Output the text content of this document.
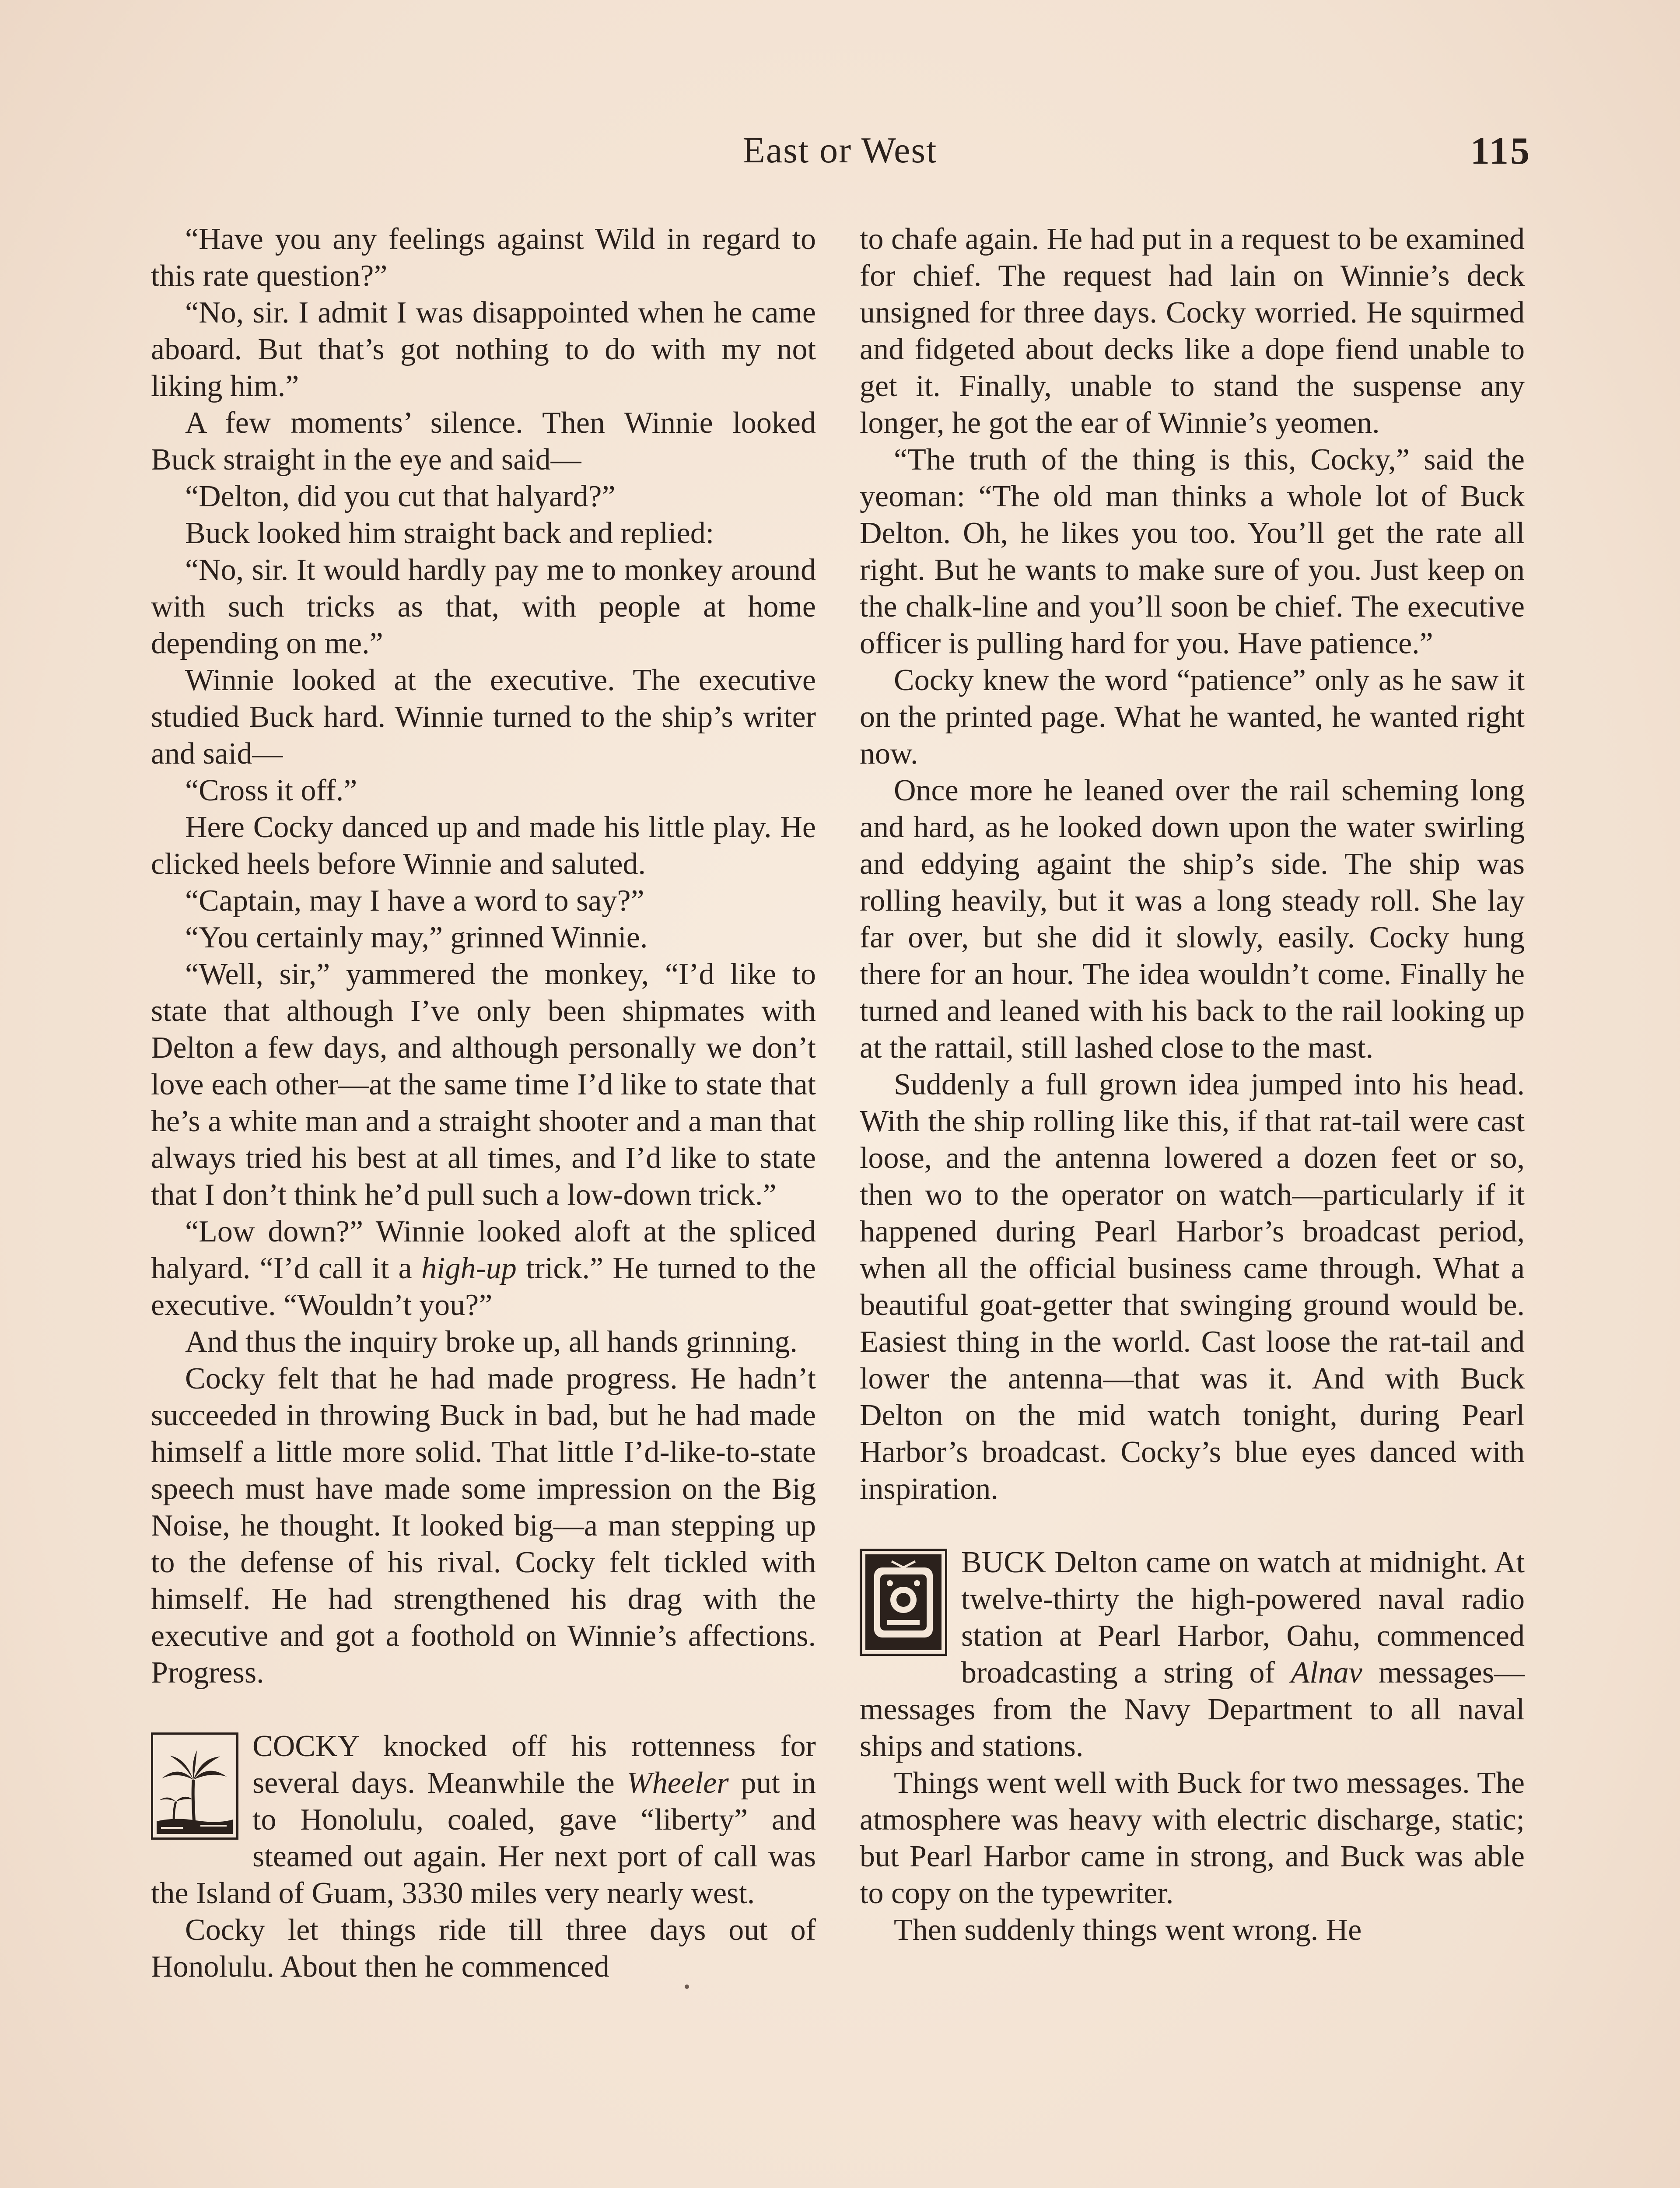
East or West	115

“Have you any feelings against Wild in regard to this rate question?”

“No, sir. I admit I was disappointed when he came aboard. But that’s got nothing to do with my not liking him.”

A few moments’ silence. Then Winnie looked Buck straight in the eye and said—

“Delton, did you cut that halyard?”

Buck looked him straight back and replied:

“No, sir. It would hardly pay me to monkey around with such tricks as that, with people at home depending on me.”

Winnie looked at the executive. The executive studied Buck hard. Winnie turned to the ship’s writer and said—

“Cross it off.”

Here Cocky danced up and made his little play. He clicked heels before Winnie and saluted.

“Captain, may I have a word to say?”

“You certainly may,” grinned Winnie.

“Well, sir,” yammered the monkey, “I’d like to state that although I’ve only been shipmates with Delton a few days, and although personally we don’t love each other—at the same time I’d like to state that he’s a white man and a straight shooter and a man that always tried his best at all times, and I’d like to state that I don’t think he’d pull such a low-down trick.”

“Low down?” Winnie looked aloft at the spliced halyard. “I’d call it a high-up trick.” He turned to the executive. “Wouldn’t you?”

And thus the inquiry broke up, all hands grinning.

Cocky felt that he had made progress. He hadn’t succeeded in throwing Buck in bad, but he had made himself a little more solid. That little I’d-like-to-state speech must have made some impression on the Big Noise, he thought. It looked big—a man stepping up to the defense of his rival. Cocky felt tickled with himself. He had strengthened his drag with the executive and got a foothold on Winnie’s affections. Progress.

COCKY knocked off his rottenness for several days. Meanwhile the Wheeler put in to Honolulu, coaled, gave “liberty” and steamed out again. Her next port of call was the Island of Guam, 3330 miles very nearly west.

Cocky let things ride till three days out of Honolulu. About then he commenced

to chafe again. He had put in a request to be examined for chief. The request had lain on Winnie’s deck unsigned for three days. Cocky worried. He squirmed and fidgeted about decks like a dope fiend unable to get it. Finally, unable to stand the suspense any longer, he got the ear of Winnie’s yeomen.

“The truth of the thing is this, Cocky,” said the yeoman: “The old man thinks a whole lot of Buck Delton. Oh, he likes you too. You’ll get the rate all right. But he wants to make sure of you. Just keep on the chalk-line and you’ll soon be chief. The executive officer is pulling hard for you. Have patience.”

Cocky knew the word “patience” only as he saw it on the printed page. What he wanted, he wanted right now.

Once more he leaned over the rail scheming long and hard, as he looked down upon the water swirling and eddying againt the ship’s side. The ship was rolling heavily, but it was a long steady roll. She lay far over, but she did it slowly, easily. Cocky hung there for an hour. The idea wouldn’t come. Finally he turned and leaned with his back to the rail looking up at the rattail, still lashed close to the mast.

Suddenly a full grown idea jumped into his head. With the ship rolling like this, if that rat-tail were cast loose, and the antenna lowered a dozen feet or so, then wo to the operator on watch—particularly if it happened during Pearl Harbor’s broadcast period, when all the official business came through. What a beautiful goat-getter that swinging ground would be. Easiest thing in the world. Cast loose the rat-tail and lower the antenna—that was it. And with Buck Delton on the mid watch tonight, during Pearl Harbor’s broadcast. Cocky’s blue eyes danced with inspiration.

BUCK Delton came on watch at midnight. At twelve-thirty the high-powered naval radio station at Pearl Harbor, Oahu, commenced broadcasting a string of Alnav messages—messages from the Navy Department to all naval ships and stations.

Things went well with Buck for two messages. The atmosphere was heavy with electric discharge, static; but Pearl Harbor came in strong, and Buck was able to copy on the typewriter.

Then suddenly things went wrong. He
